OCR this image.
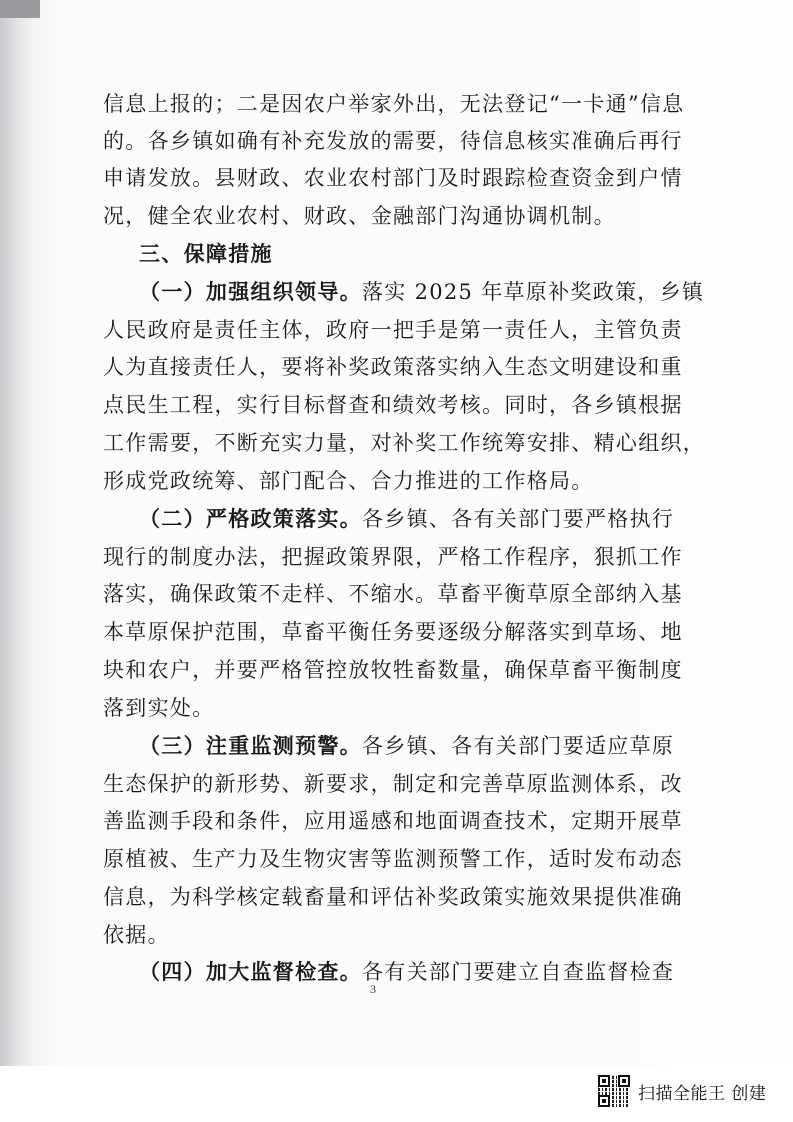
信息上报的；二是因农户举家外出，无法登记“一卡通”信息
的。各乡镇如确有补充发放的需要，待信息核实准确后再行
申请发放。县财政、农业农村部门及时跟踪检查资金到户情
况，健全农业农村、财政、金融部门沟通协调机制。
三、保障措施
（一）加强组织领导。落实 2025 年草原补奖政策，乡镇
人民政府是责任主体，政府一把手是第一责任人，主管负责
人为直接责任人，要将补奖政策落实纳入生态文明建设和重
点民生工程，实行目标督查和绩效考核。同时，各乡镇根据
工作需要，不断充实力量，对补奖工作统筹安排、精心组织，
形成党政统筹、部门配合、合力推进的工作格局。
（二）严格政策落实。各乡镇、各有关部门要严格执行
现行的制度办法，把握政策界限，严格工作程序，狠抓工作
落实，确保政策不走样、不缩水。草畜平衡草原全部纳入基
本草原保护范围，草畜平衡任务要逐级分解落实到草场、地
块和农户，并要严格管控放牧牲畜数量，确保草畜平衡制度
落到实处。
（三）注重监测预警。各乡镇、各有关部门要适应草原
生态保护的新形势、新要求，制定和完善草原监测体系，改
善监测手段和条件，应用遥感和地面调查技术，定期开展草
原植被、生产力及生物灾害等监测预警工作，适时发布动态
信息，为科学核定载畜量和评估补奖政策实施效果提供准确
依据。
（四）加大监督检查。各有关部门要建立自查监督检查
3
扫描全能王 创建
